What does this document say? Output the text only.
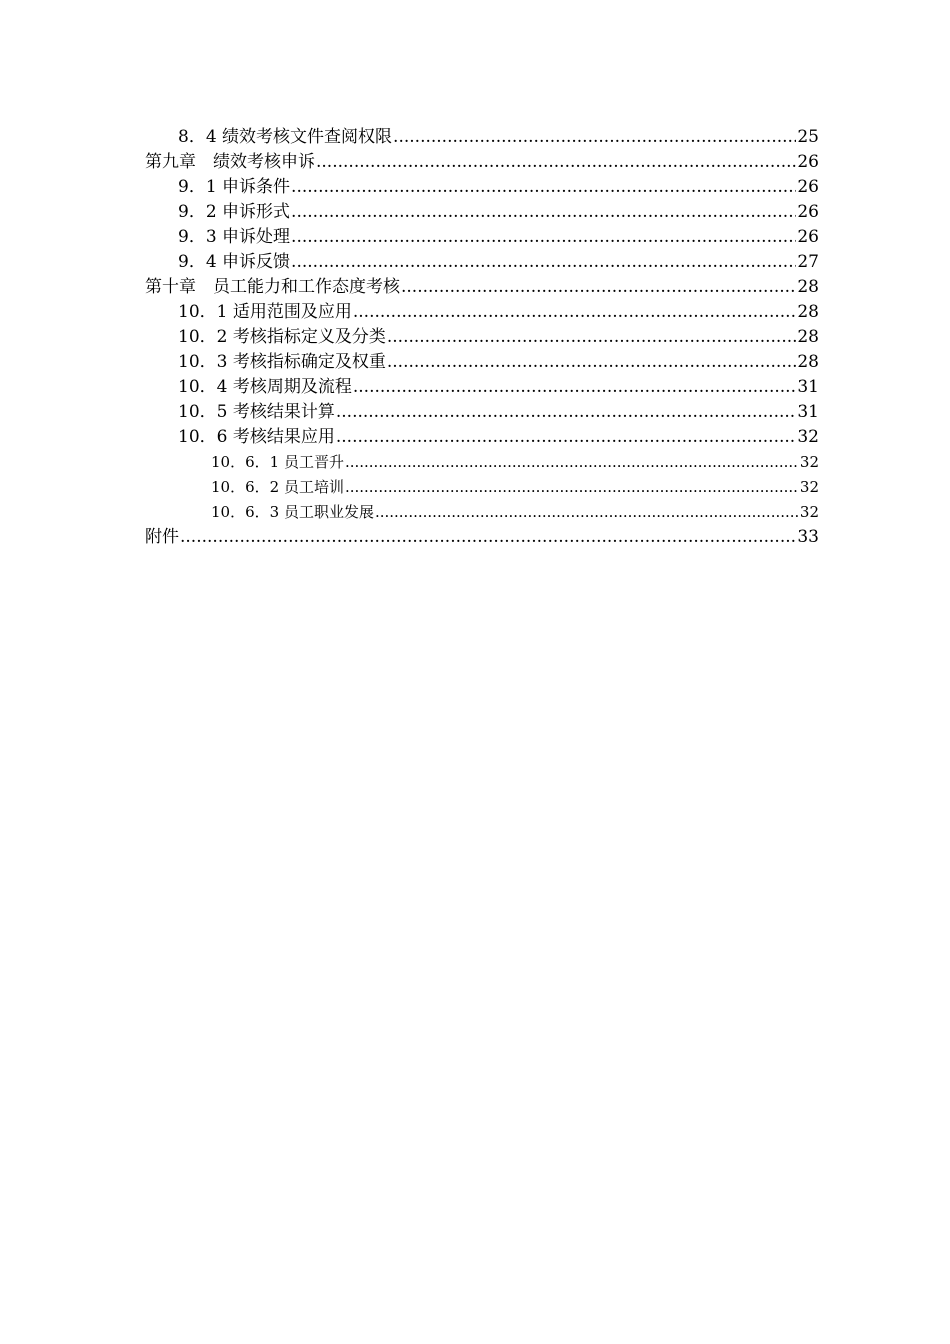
8．4 绩效考核文件查阅权限 .....	25
第九章　绩效考核申诉 .....	26
9．1 申诉条件 .....	26
9．2 申诉形式 .....	26
9．3 申诉处理 .....	26
9．4 申诉反馈 .....	27
第十章　员工能力和工作态度考核 .....	28
10．1 适用范围及应用 .....	28
10．2 考核指标定义及分类 .....	28
10．3 考核指标确定及权重 .....	28
10．4 考核周期及流程 .....	31
10．5 考核结果计算 .....	31
10．6 考核结果应用 .....	32
10．6．1 员工晋升 .....	32
10．6．2 员工培训 .....	32
10．6．3 员工职业发展 .....	32
附件 .....	33
